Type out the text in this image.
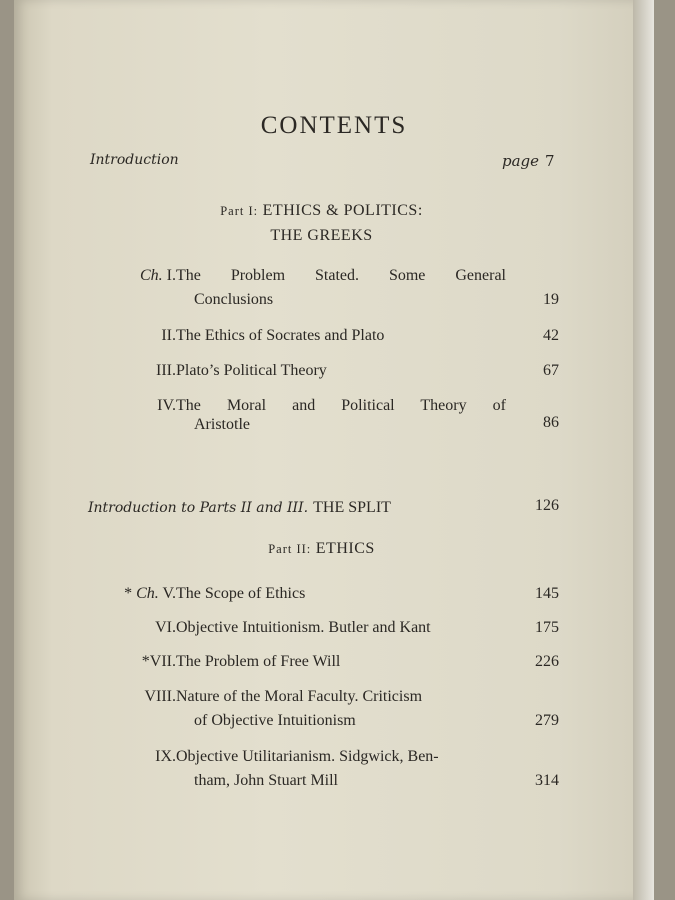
CONTENTS
Introduction	page 7
Part I: ETHICS & POLITICS:
THE GREEKS
Ch. I. The Problem Stated. Some General
Conclusions	19
II. The Ethics of Socrates and Plato	42
III. Plato’s Political Theory	67
IV. The Moral and Political Theory of
Aristotle	86
Introduction to Parts II and III. THE SPLIT	126
Part II: ETHICS
* Ch. V. The Scope of Ethics	145
VI. Objective Intuitionism. Butler and Kant	175
*VII. The Problem of Free Will	226
VIII. Nature of the Moral Faculty. Criticism
of Objective Intuitionism	279
IX. Objective Utilitarianism. Sidgwick, Ben-
tham, John Stuart Mill	314
